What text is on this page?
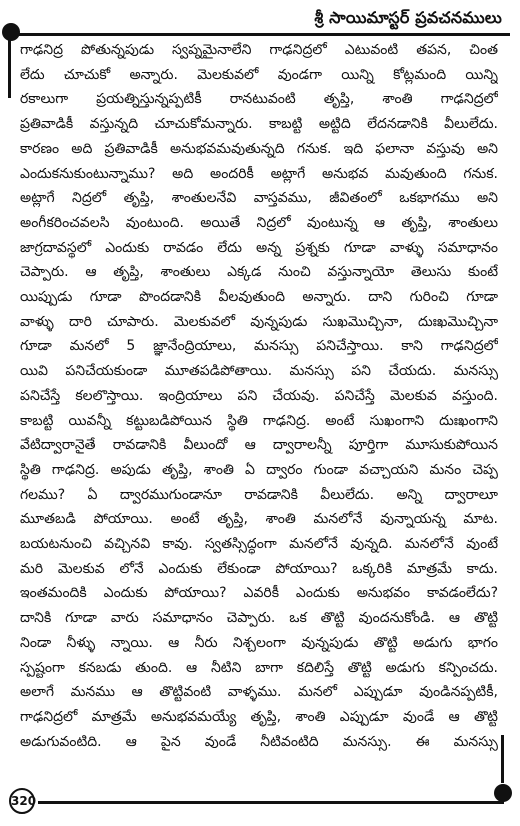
శ్రీ సాయిమాస్టర్ ప్రవచనములు
గాఢనిద్ర పోతున్నపుడు స్వప్నమైనాలేని గాఢనిద్రలో ఎటువంటి తపన, చింత
లేదు చూచుకో అన్నారు. మెలకువలో వుండగా యిన్ని కోట్లమంది యిన్ని
రకాలుగా ప్రయత్నిస్తున్నప్పటికీ రానటువంటి తృప్తి, శాంతి గాఢనిద్రలో
ప్రతివాడికీ వస్తున్నది చూచుకోమన్నారు. కాబట్టి అట్టిది లేదనడానికి వీలులేదు.
కారణం అది ప్రతివాడికీ అనుభవమవుతున్నది గనుక. ఇది ఫలానా వస్తువు అని
ఎందుకనుకుంటున్నాము? అది అందరికీ అట్లాగే అనుభవ మవుతుంది గనుక.
అట్లాగే నిద్రలో తృప్తి, శాంతులనేవి వాస్తవము, జీవితంలో ఒకభాగము అని
అంగీకరించవలసి వుంటుంది. అయితే నిద్రలో వుంటున్న ఆ తృప్తి, శాంతులు
జాగ్రదావస్థలో ఎందుకు రావడం లేదు అన్న ప్రశ్నకు గూడా వాళ్ళు సమాధానం
చెప్పారు. ఆ తృప్తి, శాంతులు ఎక్కడ నుంచి వస్తున్నాయో తెలుసు కుంటే
యిప్పుడు గూడా పొందడానికి వీలవుతుంది అన్నారు. దాని గురించి గూడా
వాళ్ళు దారి చూపారు. మెలకువలో వున్నపుడు సుఖమొచ్చినా, దుఃఖమొచ్చినా
గూడా మనలో 5 జ్ఞానేంద్రియాలు, మనస్సు పనిచేస్తాయి. కాని గాఢనిద్రలో
యివి పనిచేయకుండా మూతపడిపోతాయి. మనస్సు పని చేయదు. మనస్సు
పనిచేస్తే కలలొస్తాయి. ఇంద్రియాలు పని చేయవు. పనిచేస్తే మెలకువ వస్తుంది.
కాబట్టి యివన్నీ కట్టుబడిపోయిన స్థితి గాఢనిద్ర. అంటే సుఖంగాని దుఃఖంగాని
వేటిద్వారానైతే రావడానికి వీలుందో ఆ ద్వారాలన్నీ పూర్తిగా మూసుకుపోయిన
స్థితి గాఢనిద్ర. అపుడు తృప్తి, శాంతి ఏ ద్వారం గుండా వచ్చాయని మనం చెప్ప
గలము? ఏ ద్వారముగుండానూ రావడానికి వీలులేదు. అన్ని ద్వారాలూ
మూతబడి పోయాయి. అంటే తృప్తి, శాంతి మనలోనే వున్నాయన్న మాట.
బయటనుంచి వచ్చినవి కావు. స్వతస్సిద్ధంగా మనలోనే వున్నది. మనలోనే వుంటే
మరి మెలకువ లోనే ఎందుకు లేకుండా పోయాయి? ఒక్కరికి మాత్రమే కాదు.
ఇంతమందికి ఎందుకు పోయాయి? ఎవరికీ ఎందుకు అనుభవం కావడంలేదు?
దానికి గూడా వారు సమాధానం చెప్పారు. ఒక తొట్టి వుందనుకోండి. ఆ తొట్టి
నిండా నీళ్ళు న్నాయి. ఆ నీరు నిశ్చలంగా వున్నపుడు తొట్టి అడుగు భాగం
స్పష్టంగా కనబడు తుంది. ఆ నీటిని బాగా కదిలిస్తే తొట్టి అడుగు కన్పించదు.
అలాగే మనము ఆ తొట్టివంటి వాళ్ళము. మనలో ఎప్పుడూ వుండినప్పటికీ,
గాఢనిద్రలో మాత్రమే అనుభవమయ్యే తృప్తి, శాంతి ఎప్పుడూ వుండే ఆ తొట్టి
అడుగువంటిది. ఆ పైన వుండే నీటివంటిది మనస్సు. ఈ మనస్సు
320
